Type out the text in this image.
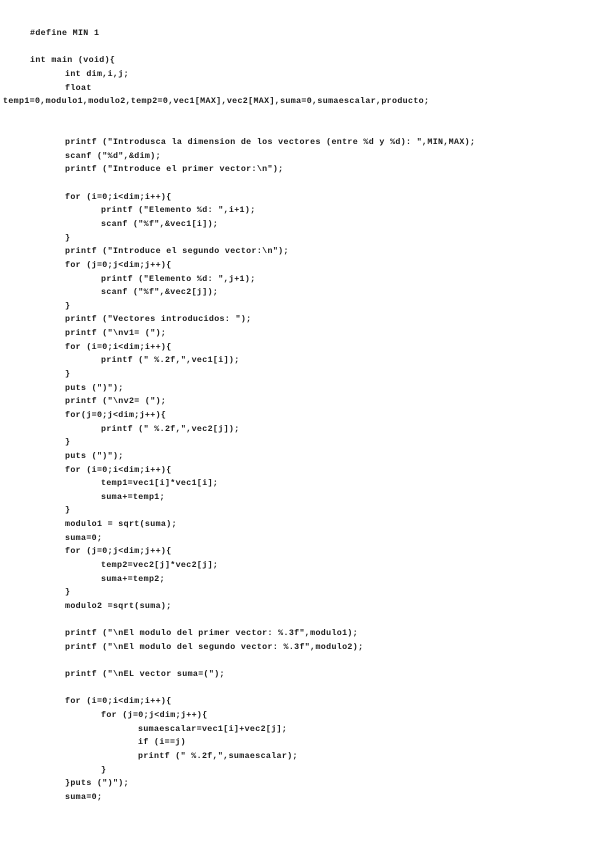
#define MIN 1
int main (void){
int dim,i,j;
float
temp1=0,modulo1,modulo2,temp2=0,vec1[MAX],vec2[MAX],suma=0,sumaescalar,producto;
printf ("Introdusca la dimension de los vectores (entre %d y %d): ",MIN,MAX);
scanf ("%d",&dim);
printf ("Introduce el primer vector:\n");
for (i=0;i<dim;i++){
printf ("Elemento %d: ",i+1);
scanf ("%f",&vec1[i]);
}
printf ("Introduce el segundo vector:\n");
for (j=0;j<dim;j++){
printf ("Elemento %d: ",j+1);
scanf ("%f",&vec2[j]);
}
printf ("Vectores introducidos: ");
printf ("\nv1= (");
for (i=0;i<dim;i++){
printf (" %.2f,",vec1[i]);
}
puts (")");
printf ("\nv2= (");
for(j=0;j<dim;j++){
printf (" %.2f,",vec2[j]);
}
puts (")");
for (i=0;i<dim;i++){
temp1=vec1[i]*vec1[i];
suma+=temp1;
}
modulo1 = sqrt(suma);
suma=0;
for (j=0;j<dim;j++){
temp2=vec2[j]*vec2[j];
suma+=temp2;
}
modulo2 =sqrt(suma);
printf ("\nEl modulo del primer vector: %.3f",modulo1);
printf ("\nEl modulo del segundo vector: %.3f",modulo2);
printf ("\nEL vector suma=(");
for (i=0;i<dim;i++){
for (j=0;j<dim;j++){
sumaescalar=vec1[i]+vec2[j];
if (i==j)
printf (" %.2f,",sumaescalar);
}
}puts (")");
suma=0;
